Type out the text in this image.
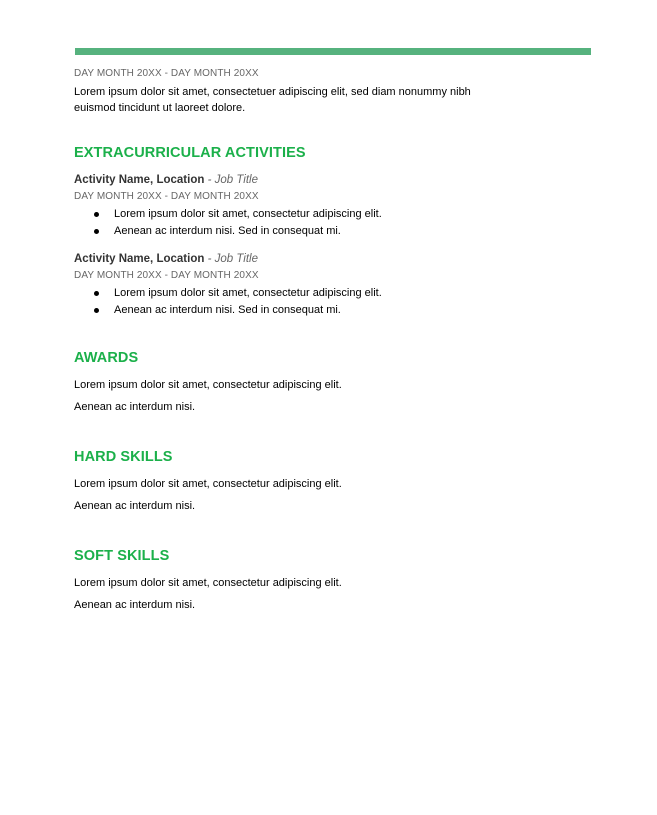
DAY MONTH 20XX - DAY MONTH 20XX

Lorem ipsum dolor sit amet, consectetuer adipiscing elit, sed diam nonummy nibh euismod tincidunt ut laoreet dolore.

EXTRACURRICULAR ACTIVITIES

Activity Name, Location - Job Title

DAY MONTH 20XX - DAY MONTH 20XX

Lorem ipsum dolor sit amet, consectetur adipiscing elit.
Aenean ac interdum nisi. Sed in consequat mi.

Activity Name, Location - Job Title

DAY MONTH 20XX - DAY MONTH 20XX

Lorem ipsum dolor sit amet, consectetur adipiscing elit.
Aenean ac interdum nisi. Sed in consequat mi.
AWARDS

Lorem ipsum dolor sit amet, consectetur adipiscing elit.

Aenean ac interdum nisi.

HARD SKILLS

Lorem ipsum dolor sit amet, consectetur adipiscing elit.

Aenean ac interdum nisi.

SOFT SKILLS

Lorem ipsum dolor sit amet, consectetur adipiscing elit.

Aenean ac interdum nisi.
